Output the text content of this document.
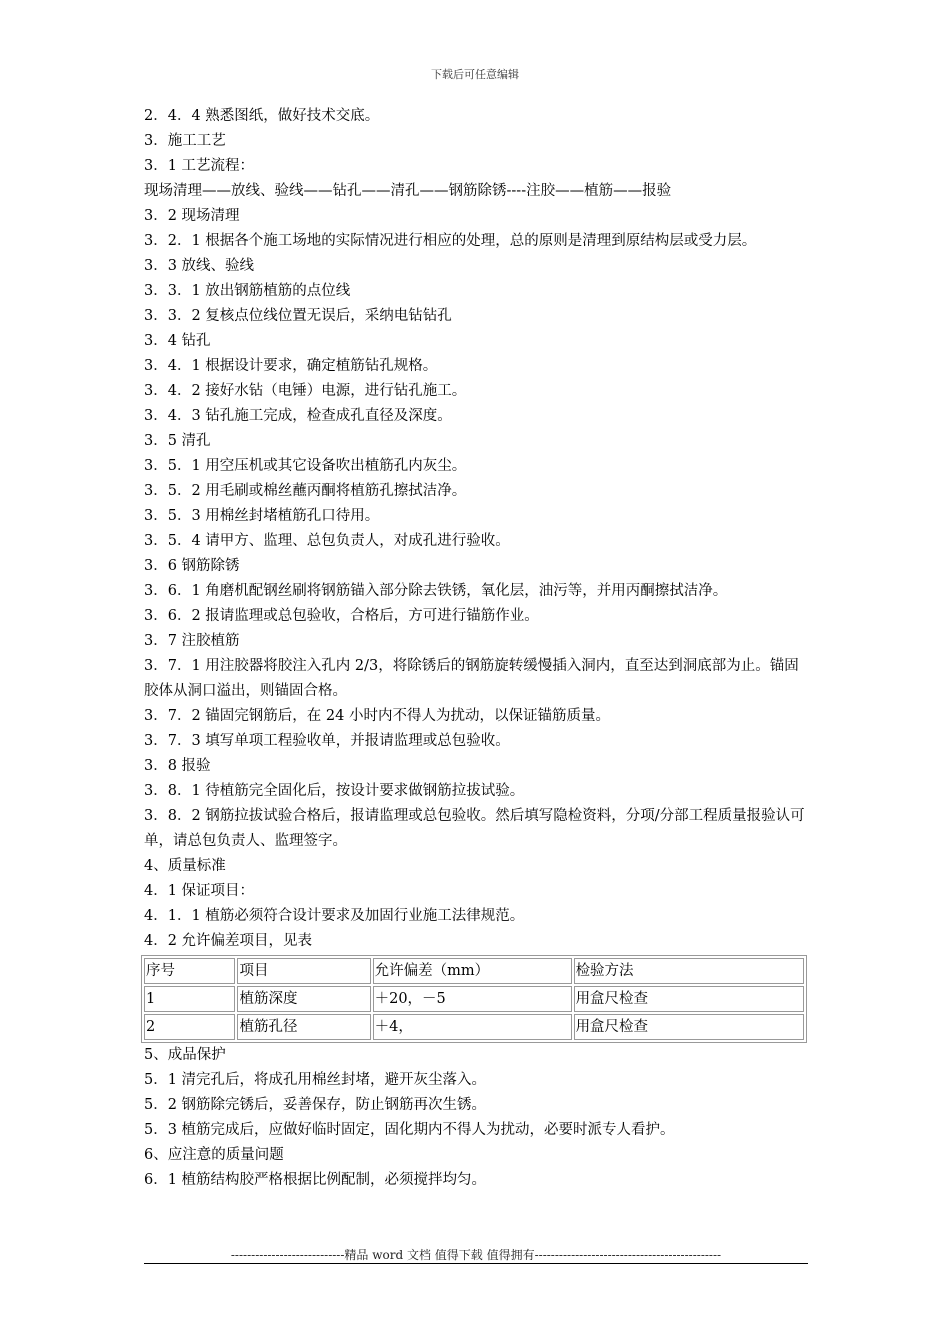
下载后可任意编辑
2．4．4 熟悉图纸，做好技术交底。
3．施工工艺
3．1 工艺流程：
现场清理——放线、验线——钻孔——清孔——钢筋除锈----注胶——植筋——报验
3．2 现场清理
3．2．1 根据各个施工场地的实际情况进行相应的处理，总的原则是清理到原结构层或受力层。
3．3 放线、验线
3．3．1 放出钢筋植筋的点位线
3．3．2 复核点位线位置无误后，采纳电钻钻孔
3．4 钻孔
3．4．1 根据设计要求，确定植筋钻孔规格。
3．4．2 接好水钻（电锤）电源，进行钻孔施工。
3．4．3 钻孔施工完成，检查成孔直径及深度。
3．5 清孔
3．5．1 用空压机或其它设备吹出植筋孔内灰尘。
3．5．2 用毛刷或棉丝蘸丙酮将植筋孔擦拭洁净。
3．5．3 用棉丝封堵植筋孔口待用。
3．5．4 请甲方、监理、总包负责人，对成孔进行验收。
3．6 钢筋除锈
3．6．1 角磨机配钢丝刷将钢筋锚入部分除去铁锈，氧化层，油污等，并用丙酮擦拭洁净。
3．6．2 报请监理或总包验收，合格后，方可进行锚筋作业。
3．7 注胶植筋
3．7．1 用注胶器将胶注入孔内 2/3，将除锈后的钢筋旋转缓慢插入洞内，直至达到洞底部为止。锚固胶体从洞口溢出，则锚固合格。
3．7．2 锚固完钢筋后，在 24 小时内不得人为扰动，以保证锚筋质量。
3．7．3 填写单项工程验收单，并报请监理或总包验收。
3．8 报验
3．8．1 待植筋完全固化后，按设计要求做钢筋拉拔试验。
3．8．2 钢筋拉拔试验合格后，报请监理或总包验收。然后填写隐检资料，分项/分部工程质量报验认可单，请总包负责人、监理签字。
4、质量标准
4．1 保证项目：
4．1．1 植筋必须符合设计要求及加固行业施工法律规范。
4．2 允许偏差项目，见表
序号	项目	允许偏差（mm）	检验方法
1	植筋深度	＋20，－5	用盒尺检查
2	植筋孔径	＋4，	用盒尺检查
5、成品保护
5．1 清完孔后，将成孔用棉丝封堵，避开灰尘落入。
5．2 钢筋除完锈后，妥善保存，防止钢筋再次生锈。
5．3 植筋完成后，应做好临时固定，固化期内不得人为扰动，必要时派专人看护。
6、应注意的质量问题
6．1 植筋结构胶严格根据比例配制，必须搅拌均匀。
----------------------------精品 word 文档 值得下载 值得拥有----------------------------------------------
